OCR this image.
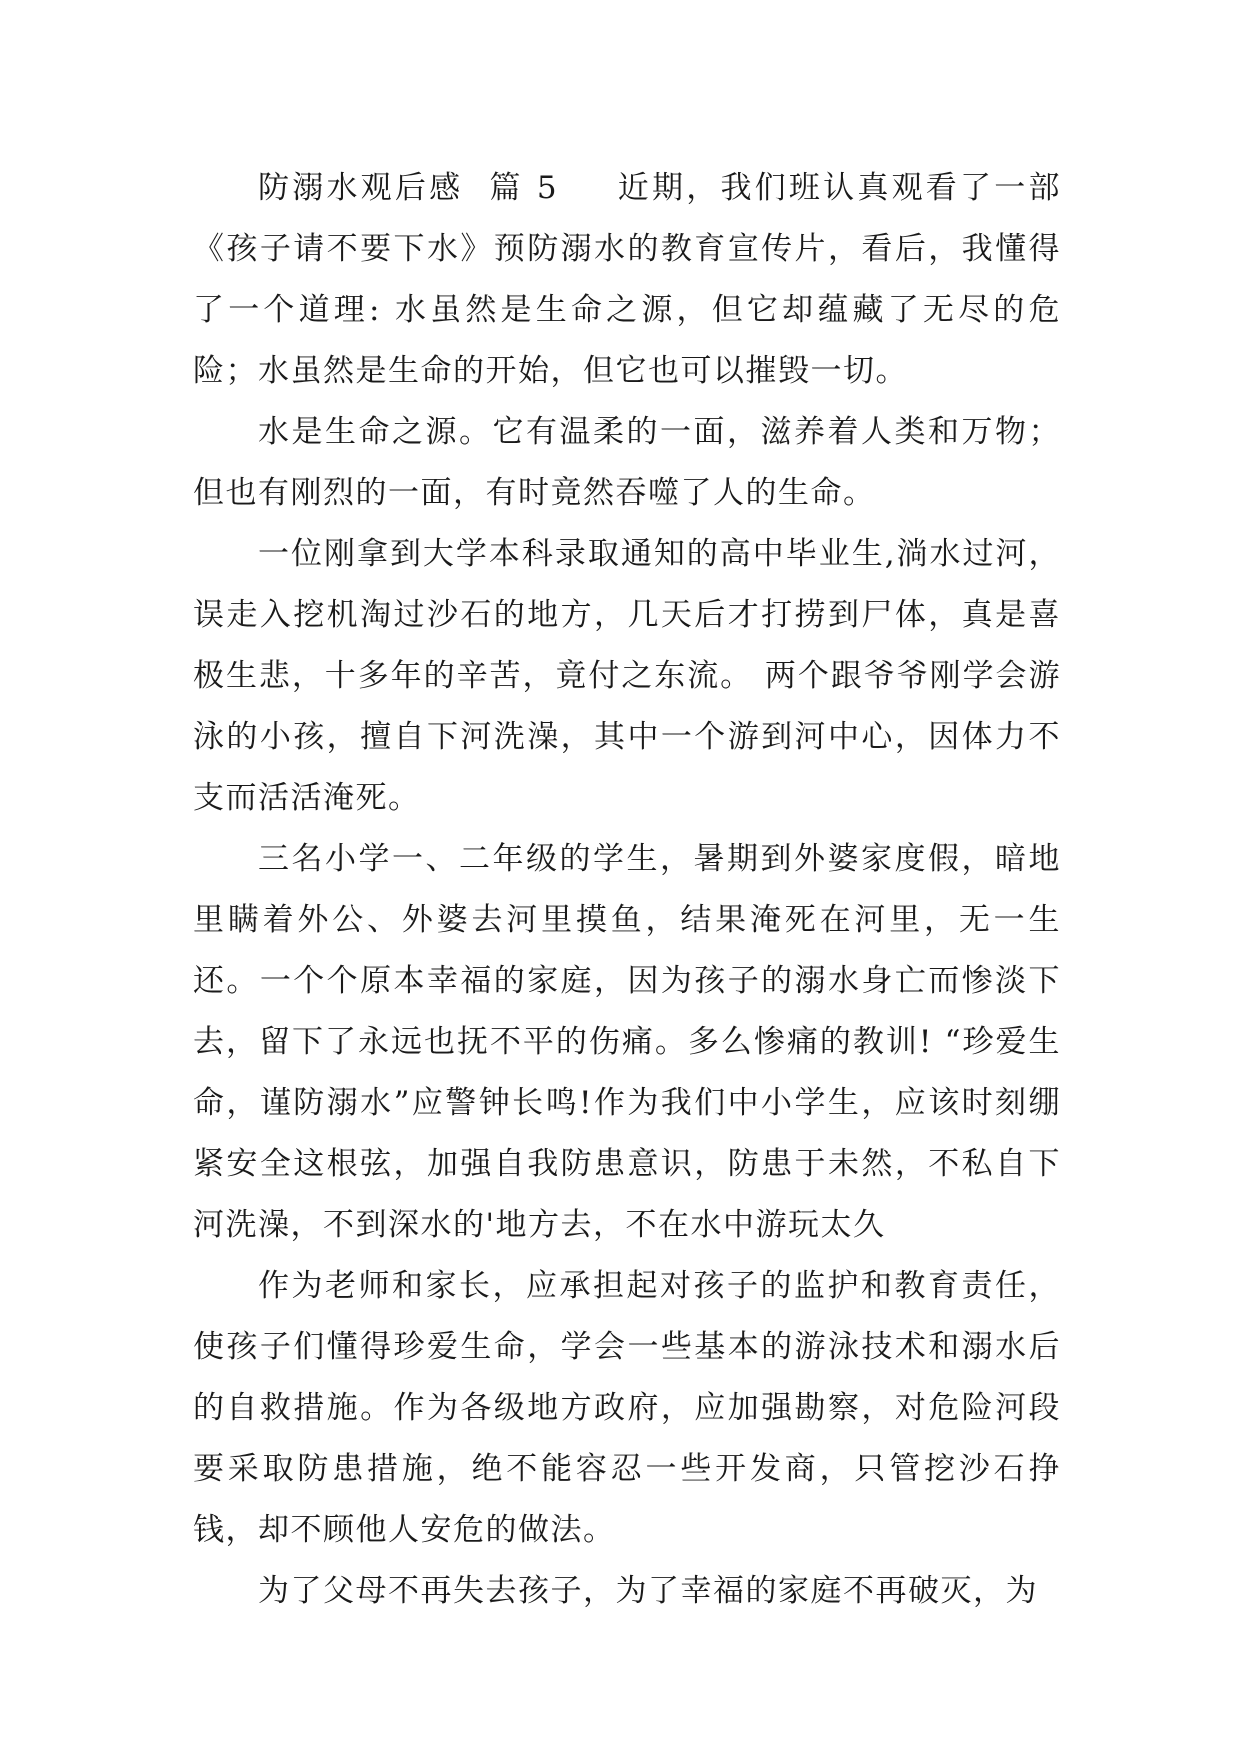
防溺水观后感  篇 5 近期，我们班认真观看了一部《孩子请不要下水》预防溺水的教育宣传片，看后，我懂得了一个道理: 水虽然是生命之源，但它却蕴藏了无尽的危险；水虽然是生命的开始，但它也可以摧毁一切。

水是生命之源。它有温柔的一面，滋养着人类和万物；但也有刚烈的一面，有时竟然吞噬了人的生命。

一位刚拿到大学本科录取通知的高中毕业生,淌水过河，误走入挖机淘过沙石的地方，几天后才打捞到尸体，真是喜极生悲，十多年的辛苦，竟付之东流。 两个跟爷爷刚学会游泳的小孩，擅自下河洗澡，其中一个游到河中心，因体力不支而活活淹死。

三名小学一、二年级的学生，暑期到外婆家度假，暗地里瞒着外公、外婆去河里摸鱼，结果淹死在河里，无一生还。一个个原本幸福的家庭，因为孩子的溺水身亡而惨淡下去，留下了永远也抚不平的伤痛。多么惨痛的教训! “珍爱生命，谨防溺水”应警钟长鸣!作为我们中小学生，应该时刻绷紧安全这根弦，加强自我防患意识，防患于未然，不私自下河洗澡，不到深水的'地方去，不在水中游玩太久

作为老师和家长，应承担起对孩子的监护和教育责任，使孩子们懂得珍爱生命，学会一些基本的游泳技术和溺水后的自救措施。作为各级地方政府，应加强勘察，对危险河段要采取防患措施，绝不能容忍一些开发商，只管挖沙石挣钱，却不顾他人安危的做法。

为了父母不再失去孩子，为了幸福的家庭不再破灭，为
